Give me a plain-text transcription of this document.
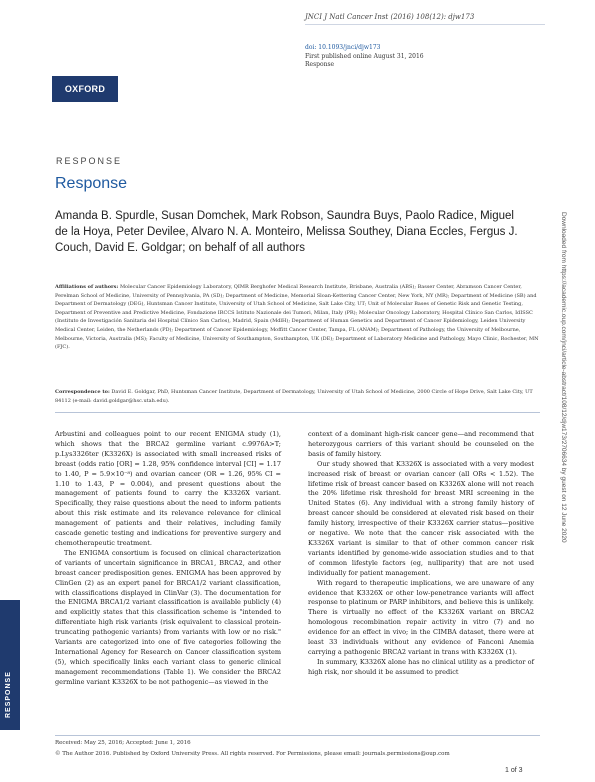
OXFORD
JNCI J Natl Cancer Inst (2016) 108(12): djw173
doi: 10.1093/jnci/djw173
First published online August 31, 2016
Response
RESPONSE
Response
Amanda B. Spurdle, Susan Domchek, Mark Robson, Saundra Buys, Paolo Radice, Miguel de la Hoya, Peter Devilee, Alvaro N. A. Monteiro, Melissa Southey, Diana Eccles, Fergus J. Couch, David E. Goldgar; on behalf of all authors
Affiliations of authors: Molecular Cancer Epidemiology Laboratory, QIMR Berghofer Medical Research Institute, Brisbane, Australia (ABS); Basser Center, Abramson Cancer Center, Perelman School of Medicine, University of Pennsylvania, PA (SD); Department of Medicine, Memorial Sloan-Kettering Cancer Center, New York, NY (MR); Department of Medicine (SB) and Department of Dermatology (DEG), Huntsman Cancer Institute, University of Utah School of Medicine, Salt Lake City, UT; Unit of Molecular Bases of Genetic Risk and Genetic Testing, Department of Preventive and Predictive Medicine, Fondazione IRCCS Istituto Nazionale dei Tumori, Milan, Italy (PR); Molecular Oncology Laboratory, Hospital Clínico San Carlos, IdISSC (Instituto de Investigación Sanitaria del Hospital Clínico San Carlos), Madrid, Spain (MdlH); Department of Human Genetics and Department of Cancer Epidemiology, Leiden University Medical Center, Leiden, the Netherlands (PD); Department of Cancer Epidemiology, Moffitt Cancer Center, Tampa, FL (ANAM); Department of Pathology, the University of Melbourne, Melbourne, Victoria, Australia (MS); Faculty of Medicine, University of Southampton, Southampton, UK (DE); Department of Laboratory Medicine and Pathology, Mayo Clinic, Rochester, MN (FJC).
Correspondence to: David E. Goldgar, PhD, Huntsman Cancer Institute, Department of Dermatology, University of Utah School of Medicine, 2000 Circle of Hope Drive, Salt Lake City, UT 84112 (e-mail: david.goldgar@hsc.utah.edu).

Arbustini and colleagues point to our recent ENIGMA study (1), which shows that the BRCA2 germline variant c.9976A>T; p.Lys3326ter (K3326X) is associated with small increased risks of breast (odds ratio [OR] = 1.28, 95% confidence interval [CI] = 1.17 to 1.40, P = 5.9×10⁻⁸) and ovarian cancer (OR = 1.26, 95% CI = 1.10 to 1.43, P = 0.004), and present questions about the management of patients found to carry the K3326X variant. Specifically, they raise questions about the need to inform patients about this risk estimate and its relevance relevance for clinical management of patients and their relatives, including family cascade genetic testing and indications for preventive surgery and chemotherapeutic treatment.

The ENIGMA consortium is focused on clinical characterization of variants of uncertain significance in BRCA1, BRCA2, and other breast cancer predisposition genes. ENIGMA has been approved by ClinGen (2) as an expert panel for BRCA1/2 variant classification, with classifications displayed in ClinVar (3). The documentation for the ENIGMA BRCA1/2 variant classification is available publicly (4) and explicitly states that this classification scheme is "intended to differentiate high risk variants (risk equivalent to classical protein-truncating pathogenic variants) from variants with low or no risk." Variants are categorized into one of five categories following the International Agency for Research on Cancer classification system (5), which specifically links each variant class to generic clinical management recommendations (Table 1). We consider the BRCA2 germline variant K3326X to be not pathogenic—as viewed in the

context of a dominant high-risk cancer gene—and recommend that heterozygous carriers of this variant should be counseled on the basis of family history.

Our study showed that K3326X is associated with a very modest increased risk of breast or ovarian cancer (all ORs < 1.52). The lifetime risk of breast cancer based on K3326X alone will not reach the 20% lifetime risk threshold for breast MRI screening in the United States (6). Any individual with a strong family history of breast cancer should be considered at elevated risk based on their family history, irrespective of their K3326X carrier status—positive or negative. We note that the cancer risk associated with the K3326X variant is similar to that of other common cancer risk variants identified by genome-wide association studies and to that of common lifestyle factors (eg, nulliparity) that are not used individually for patient management.

With regard to therapeutic implications, we are unaware of any evidence that K3326X or other low-penetrance variants will affect response to platinum or PARP inhibitors, and believe this is unlikely. There is virtually no effect of the K3326X variant on BRCA2 homologous recombination repair activity in vitro (7) and no evidence for an effect in vivo; in the CIMBA dataset, there were at least 33 individuals without any evidence of Fanconi Anemia carrying a pathogenic BRCA2 variant in trans with K3326X (1).

In summary, K3326X alone has no clinical utility as a predictor of high risk, nor should it be assumed to predict

Downloaded from https://academic.oup.com/jnci/article-abstract/108/12/djw173/2706634 by guest on 12 June 2020
RESPONSE
Received: May 25, 2016; Accepted: June 1, 2016
© The Author 2016. Published by Oxford University Press. All rights reserved. For Permissions, please email: journals.permissions@oup.com
1 of 3
